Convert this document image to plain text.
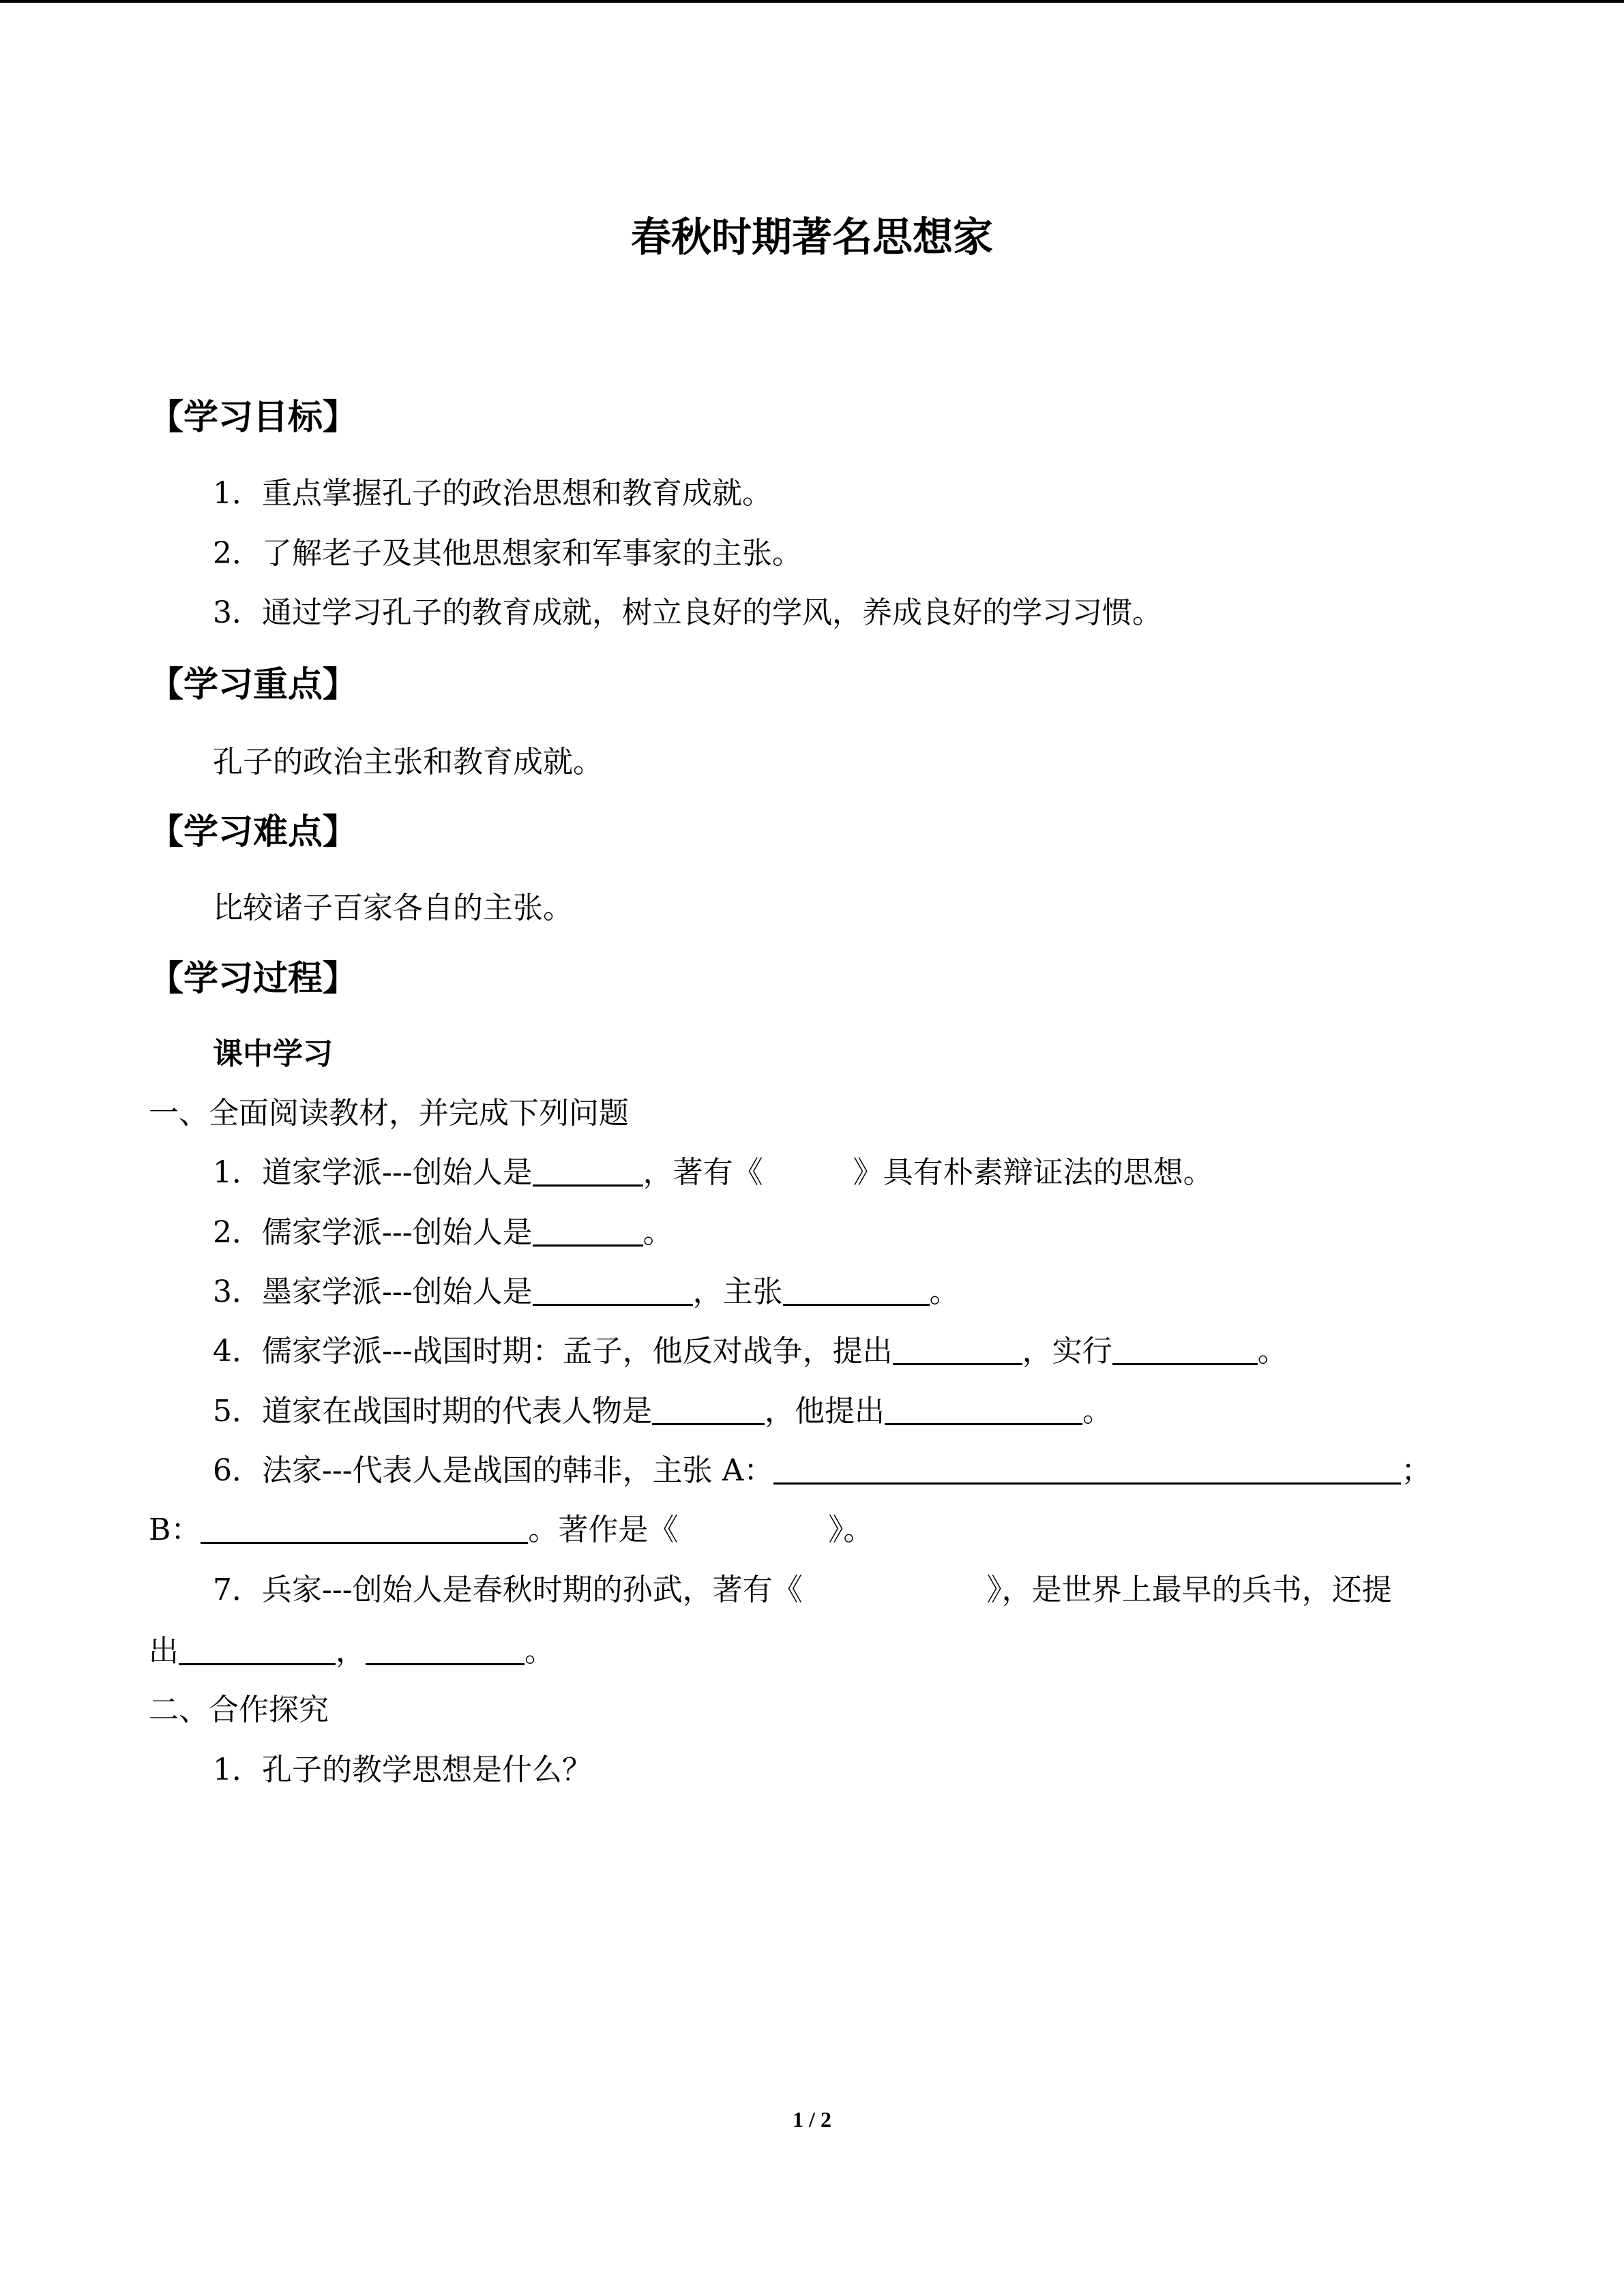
春秋时期著名思想家
【学习目标】
1．重点掌握孔子的政治思想和教育成就。
2．了解老子及其他思想家和军事家的主张。
3．通过学习孔子的教育成就，树立良好的学风，养成良好的学习习惯。
【学习重点】
孔子的政治主张和教育成就。
【学习难点】
比较诸子百家各自的主张。
【学习过程】
课中学习
一、全面阅读教材，并完成下列问题
1．道家学派---创始人是	，著有《	》具有朴素辩证法的思想。
2．儒家学派---创始人是	。
3．墨家学派---创始人是	，主张	。
4．儒家学派---战国时期：孟子，他反对战争，提出	，实行	。
5．道家在战国时期的代表人物是	，他提出	。
6．法家---代表人是战国的韩非，主张 A：	；
B：	。著作是《	》。
7．兵家---创始人是春秋时期的孙武，著有《	》，是世界上最早的兵书，还提
出	，	。
二、合作探究
1．孔子的教学思想是什么？
1 / 2
